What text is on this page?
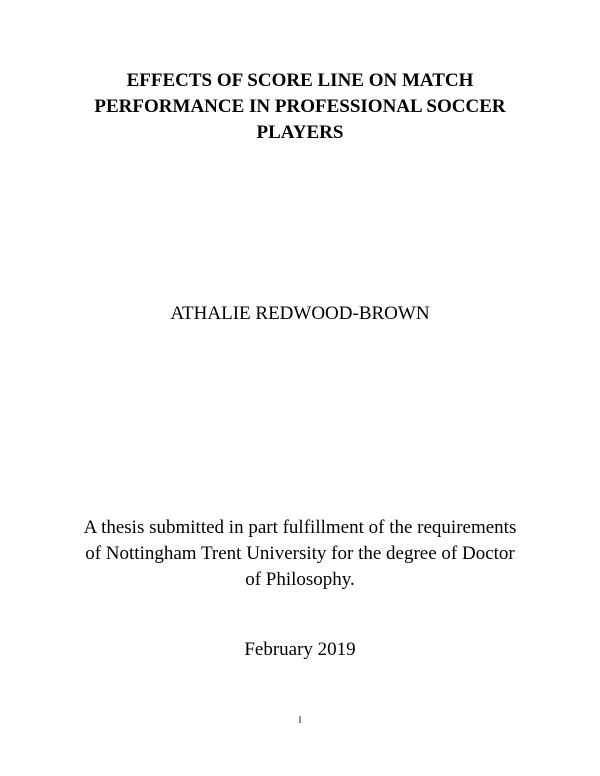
EFFECTS OF SCORE LINE ON MATCH
PERFORMANCE IN PROFESSIONAL SOCCER
PLAYERS
ATHALIE REDWOOD-BROWN
A thesis submitted in part fulfillment of the requirements
of Nottingham Trent University for the degree of Doctor
of Philosophy.
February 2019
I
